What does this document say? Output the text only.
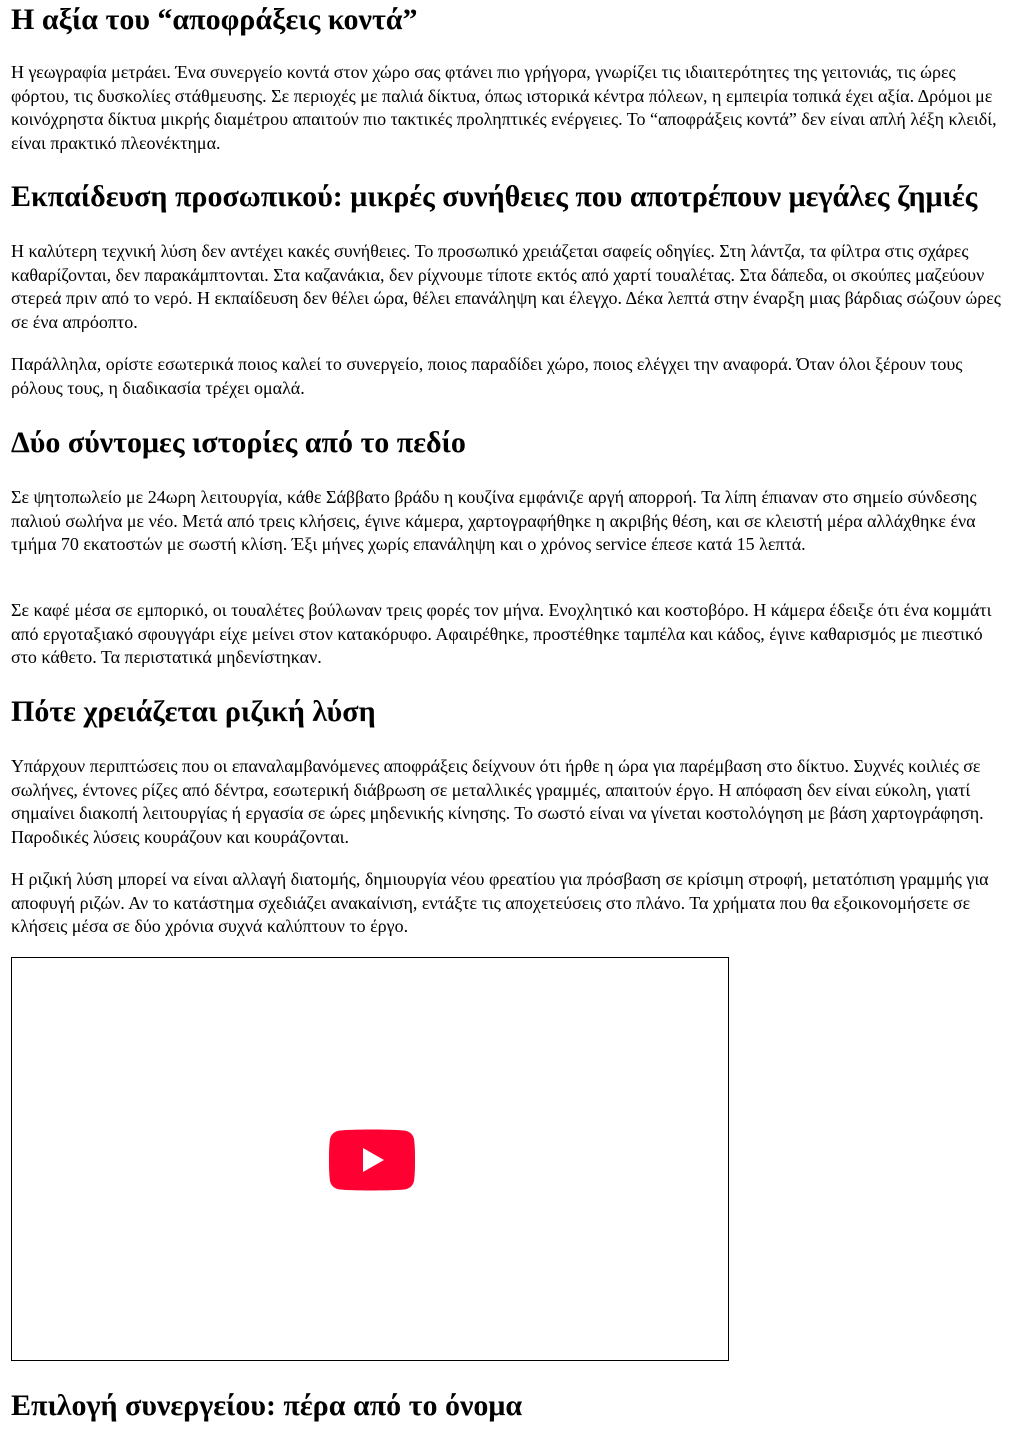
Η αξία του “αποφράξεις κοντά”

Η γεωγραφία μετράει. Ένα συνεργείο κοντά στον χώρο σας φτάνει πιο γρήγορα, γνωρίζει τις ιδιαιτερότητες της γειτονιάς, τις ώρες φόρτου, τις δυσκολίες στάθμευσης. Σε περιοχές με παλιά δίκτυα, όπως ιστορικά κέντρα πόλεων, η εμπειρία τοπικά έχει αξία. Δρόμοι με κοινόχρηστα δίκτυα μικρής διαμέτρου απαιτούν πιο τακτικές προληπτικές ενέργειες. Το “αποφράξεις κοντά” δεν είναι απλή λέξη κλειδί, είναι πρακτικό πλεονέκτημα.

Εκπαίδευση προσωπικού: μικρές συνήθειες που αποτρέπουν μεγάλες ζημιές

Η καλύτερη τεχνική λύση δεν αντέχει κακές συνήθειες. Το προσωπικό χρειάζεται σαφείς οδηγίες. Στη λάντζα, τα φίλτρα στις σχάρες καθαρίζονται, δεν παρακάμπτονται. Στα καζανάκια, δεν ρίχνουμε τίποτε εκτός από χαρτί τουαλέτας. Στα δάπεδα, οι σκούπες μαζεύουν στερεά πριν από το νερό. Η εκπαίδευση δεν θέλει ώρα, θέλει επανάληψη και έλεγχο. Δέκα λεπτά στην έναρξη μιας βάρδιας σώζουν ώρες σε ένα απρόοπτο.

Παράλληλα, ορίστε εσωτερικά ποιος καλεί το συνεργείο, ποιος παραδίδει χώρο, ποιος ελέγχει την αναφορά. Όταν όλοι ξέρουν τους ρόλους τους, η διαδικασία τρέχει ομαλά.

Δύο σύντομες ιστορίες από το πεδίο

Σε ψητοπωλείο με 24ωρη λειτουργία, κάθε Σάββατο βράδυ η κουζίνα εμφάνιζε αργή απορροή. Τα λίπη έπιαναν στο σημείο σύνδεσης παλιού σωλήνα με νέο. Μετά από τρεις κλήσεις, έγινε κάμερα, χαρτογραφήθηκε η ακριβής θέση, και σε κλειστή μέρα αλλάχθηκε ένα τμήμα 70 εκατοστών με σωστή κλίση. Έξι μήνες χωρίς επανάληψη και ο χρόνος service έπεσε κατά 15 λεπτά.

Σε καφέ μέσα σε εμπορικό, οι τουαλέτες βούλωναν τρεις φορές τον μήνα. Ενοχλητικό και κοστοβόρο. Η κάμερα έδειξε ότι ένα κομμάτι από εργοταξιακό σφουγγάρι είχε μείνει στον κατακόρυφο. Αφαιρέθηκε, προστέθηκε ταμπέλα και κάδος, έγινε καθαρισμός με πιεστικό στο κάθετο. Τα περιστατικά μηδενίστηκαν.

Πότε χρειάζεται ριζική λύση

Υπάρχουν περιπτώσεις που οι επαναλαμβανόμενες αποφράξεις δείχνουν ότι ήρθε η ώρα για παρέμβαση στο δίκτυο. Συχνές κοιλιές σε σωλήνες, έντονες ρίζες από δέντρα, εσωτερική διάβρωση σε μεταλλικές γραμμές, απαιτούν έργο. Η απόφαση δεν είναι εύκολη, γιατί σημαίνει διακοπή λειτουργίας ή εργασία σε ώρες μηδενικής κίνησης. Το σωστό είναι να γίνεται κοστολόγηση με βάση χαρτογράφηση. Παροδικές λύσεις κουράζουν και κουράζονται.

Η ριζική λύση μπορεί να είναι αλλαγή διατομής, δημιουργία νέου φρεατίου για πρόσβαση σε κρίσιμη στροφή, μετατόπιση γραμμής για αποφυγή ριζών. Αν το κατάστημα σχεδιάζει ανακαίνιση, εντάξτε τις αποχετεύσεις στο πλάνο. Τα χρήματα που θα εξοικονομήσετε σε κλήσεις μέσα σε δύο χρόνια συχνά καλύπτουν το έργο.

Επιλογή συνεργείου: πέρα από το όνομα
